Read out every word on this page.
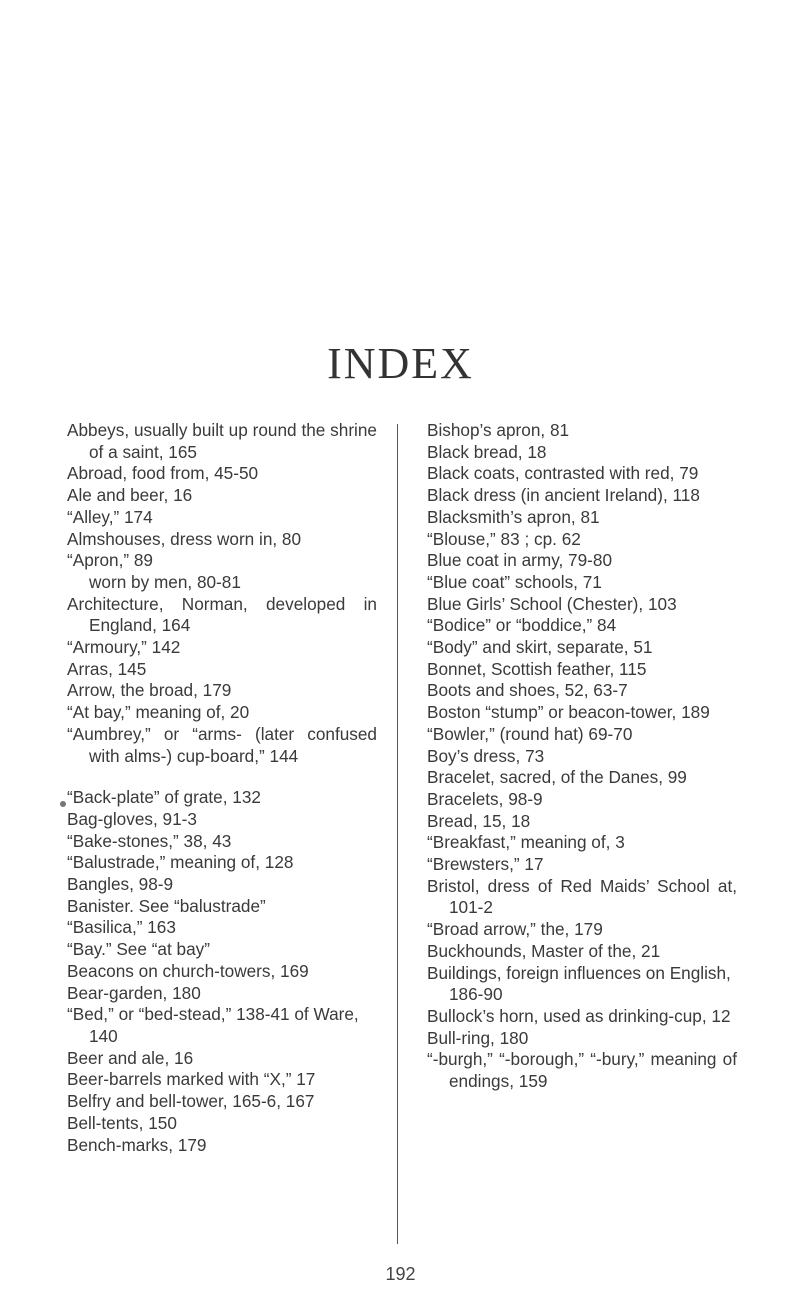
INDEX
Abbeys, usually built up round the shrine of a saint, 165
Abroad, food from, 45-50
Ale and beer, 16
“Alley,” 174
Almshouses, dress worn in, 80
“Apron,” 89
worn by men, 80-81
Architecture, Norman, developed in England, 164
“Armoury,” 142
Arras, 145
Arrow, the broad, 179
“At bay,” meaning of, 20
“Aumbrey,” or “arms- (later confused with alms-) cup-board,” 144
“Back-plate” of grate, 132
Bag-gloves, 91-3
“Bake-stones,” 38, 43
“Balustrade,” meaning of, 128
Bangles, 98-9
Banister. See “balustrade”
“Basilica,” 163
“Bay.” See “at bay”
Beacons on church-towers, 169
Bear-garden, 180
“Bed,” or “bed-stead,” 138-41 of Ware, 140
Beer and ale, 16
Beer-barrels marked with “X,” 17
Belfry and bell-tower, 165-6, 167
Bell-tents, 150
Bench-marks, 179
Bishop’s apron, 81
Black bread, 18
Black coats, contrasted with red, 79
Black dress (in ancient Ireland), 118
Blacksmith’s apron, 81
“Blouse,” 83 ; cp. 62
Blue coat in army, 79-80
“Blue coat” schools, 71
Blue Girls’ School (Chester), 103
“Bodice” or “boddice,” 84
“Body” and skirt, separate, 51
Bonnet, Scottish feather, 115
Boots and shoes, 52, 63-7
Boston “stump” or beacon-tower, 189
“Bowler,” (round hat) 69-70
Boy’s dress, 73
Bracelet, sacred, of the Danes, 99
Bracelets, 98-9
Bread, 15, 18
“Breakfast,” meaning of, 3
“Brewsters,” 17
Bristol, dress of Red Maids’ School at, 101-2
“Broad arrow,” the, 179
Buckhounds, Master of the, 21
Buildings, foreign influences on English, 186-90
Bullock’s horn, used as drinking-cup, 12
Bull-ring, 180
“-burgh,” “-borough,” “-bury,” meaning of endings, 159
192
